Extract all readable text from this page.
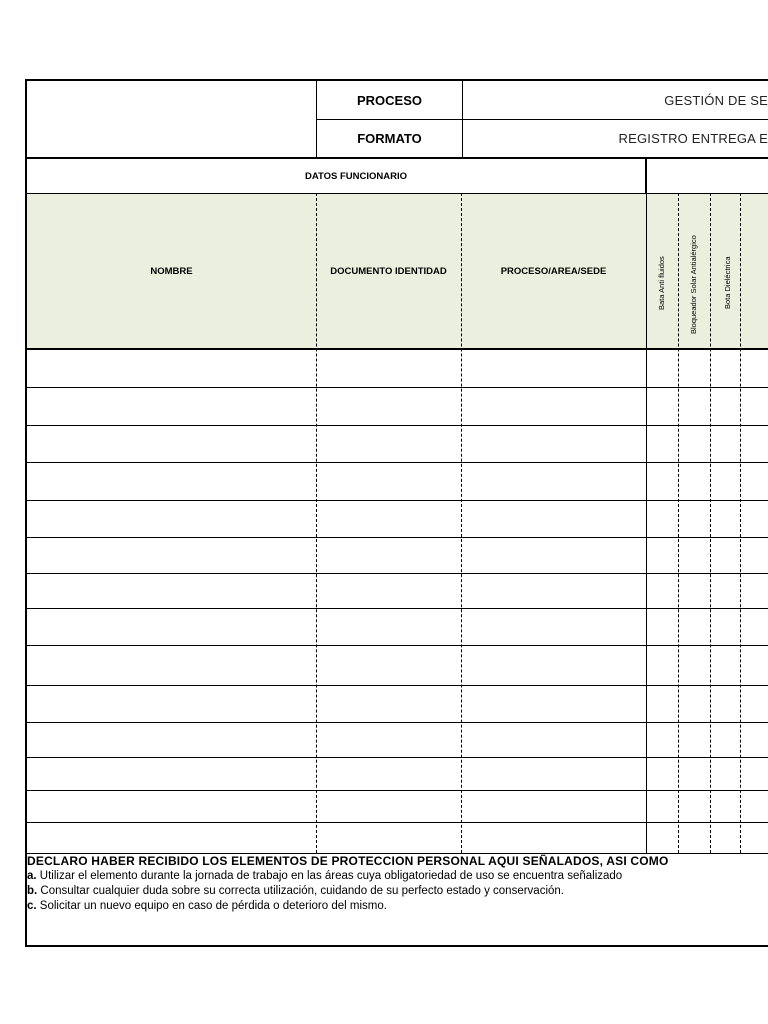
PROCESO	GESTIÓN DE SE
FORMATO	REGISTRO ENTREGA E
DATOS FUNCIONARIO
NOMBRE	DOCUMENTO IDENTIDAD	PROCESO/AREA/SEDE	Bata Anti fluidos	Bloqueador Solar Antialérgico	Bota Dieléctrica
DECLARO HABER RECIBIDO LOS ELEMENTOS DE PROTECCION PERSONAL AQUI SEÑALADOS, ASI COMO
a. Utilizar el elemento durante la jornada de trabajo en las áreas cuya obligatoriedad de uso se encuentra señalizado
b. Consultar cualquier duda sobre su correcta utilización, cuidando de su perfecto estado y conservación.
c. Solicitar un nuevo equipo en caso de pérdida o deterioro del mismo.
